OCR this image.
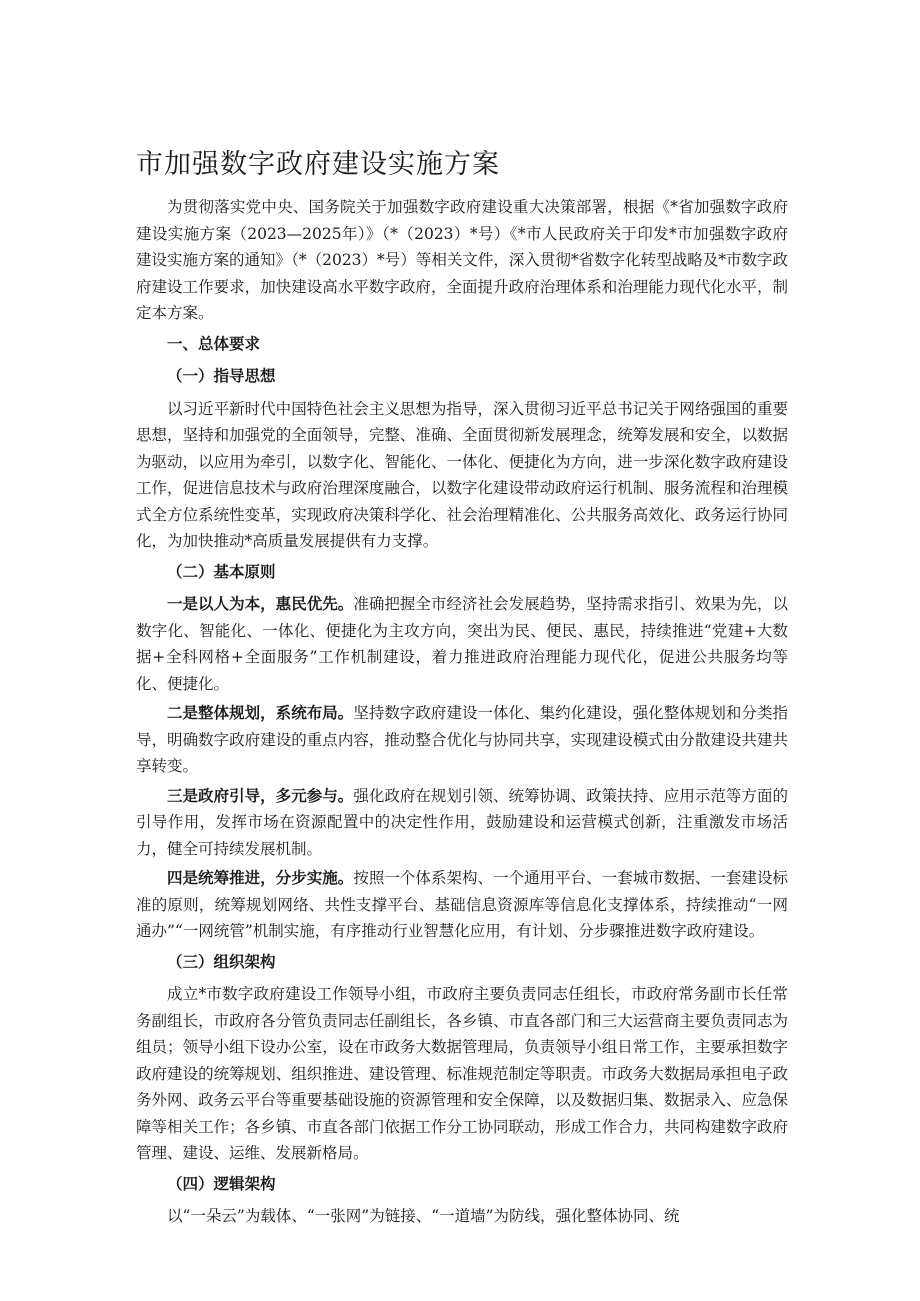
市加强数字政府建设实施方案

为贯彻落实党中央、国务院关于加强数字政府建设重大决策部署，根据《*省加强数字政府建设实施方案（2023—2025年）》（*（2023）*号）《*市人民政府关于印发*市加强数字政府建设实施方案的通知》（*（2023）*号）等相关文件，深入贯彻*省数字化转型战略及*市数字政府建设工作要求，加快建设高水平数字政府，全面提升政府治理体系和治理能力现代化水平，制定本方案。

一、总体要求

（一）指导思想

以习近平新时代中国特色社会主义思想为指导，深入贯彻习近平总书记关于网络强国的重要思想，坚持和加强党的全面领导，完整、准确、全面贯彻新发展理念，统筹发展和安全，以数据为驱动，以应用为牵引，以数字化、智能化、一体化、便捷化为方向，进一步深化数字政府建设工作，促进信息技术与政府治理深度融合，以数字化建设带动政府运行机制、服务流程和治理模式全方位系统性变革，实现政府决策科学化、社会治理精准化、公共服务高效化、政务运行协同化，为加快推动*高质量发展提供有力支撑。

（二）基本原则

一是以人为本，惠民优先。准确把握全市经济社会发展趋势，坚持需求指引、效果为先，以数字化、智能化、一体化、便捷化为主攻方向，突出为民、便民、惠民，持续推进“党建+大数据+全科网格+全面服务”工作机制建设，着力推进政府治理能力现代化，促进公共服务均等化、便捷化。

二是整体规划，系统布局。坚持数字政府建设一体化、集约化建设，强化整体规划和分类指导，明确数字政府建设的重点内容，推动整合优化与协同共享，实现建设模式由分散建设共建共享转变。

三是政府引导，多元参与。强化政府在规划引领、统筹协调、政策扶持、应用示范等方面的引导作用，发挥市场在资源配置中的决定性作用，鼓励建设和运营模式创新，注重激发市场活力，健全可持续发展机制。

四是统筹推进，分步实施。按照一个体系架构、一个通用平台、一套城市数据、一套建设标准的原则，统筹规划网络、共性支撑平台、基础信息资源库等信息化支撑体系，持续推动“一网通办”“一网统管”机制实施，有序推动行业智慧化应用，有计划、分步骤推进数字政府建设。

（三）组织架构

成立*市数字政府建设工作领导小组，市政府主要负责同志任组长，市政府常务副市长任常务副组长，市政府各分管负责同志任副组长，各乡镇、市直各部门和三大运营商主要负责同志为组员；领导小组下设办公室，设在市政务大数据管理局，负责领导小组日常工作，主要承担数字政府建设的统筹规划、组织推进、建设管理、标准规范制定等职责。市政务大数据局承担电子政务外网、政务云平台等重要基础设施的资源管理和安全保障，以及数据归集、数据录入、应急保障等相关工作；各乡镇、市直各部门依据工作分工协同联动，形成工作合力，共同构建数字政府管理、建设、运维、发展新格局。

（四）逻辑架构

以“一朵云”为载体、“一张网”为链接、“一道墙”为防线，强化整体协同、统
